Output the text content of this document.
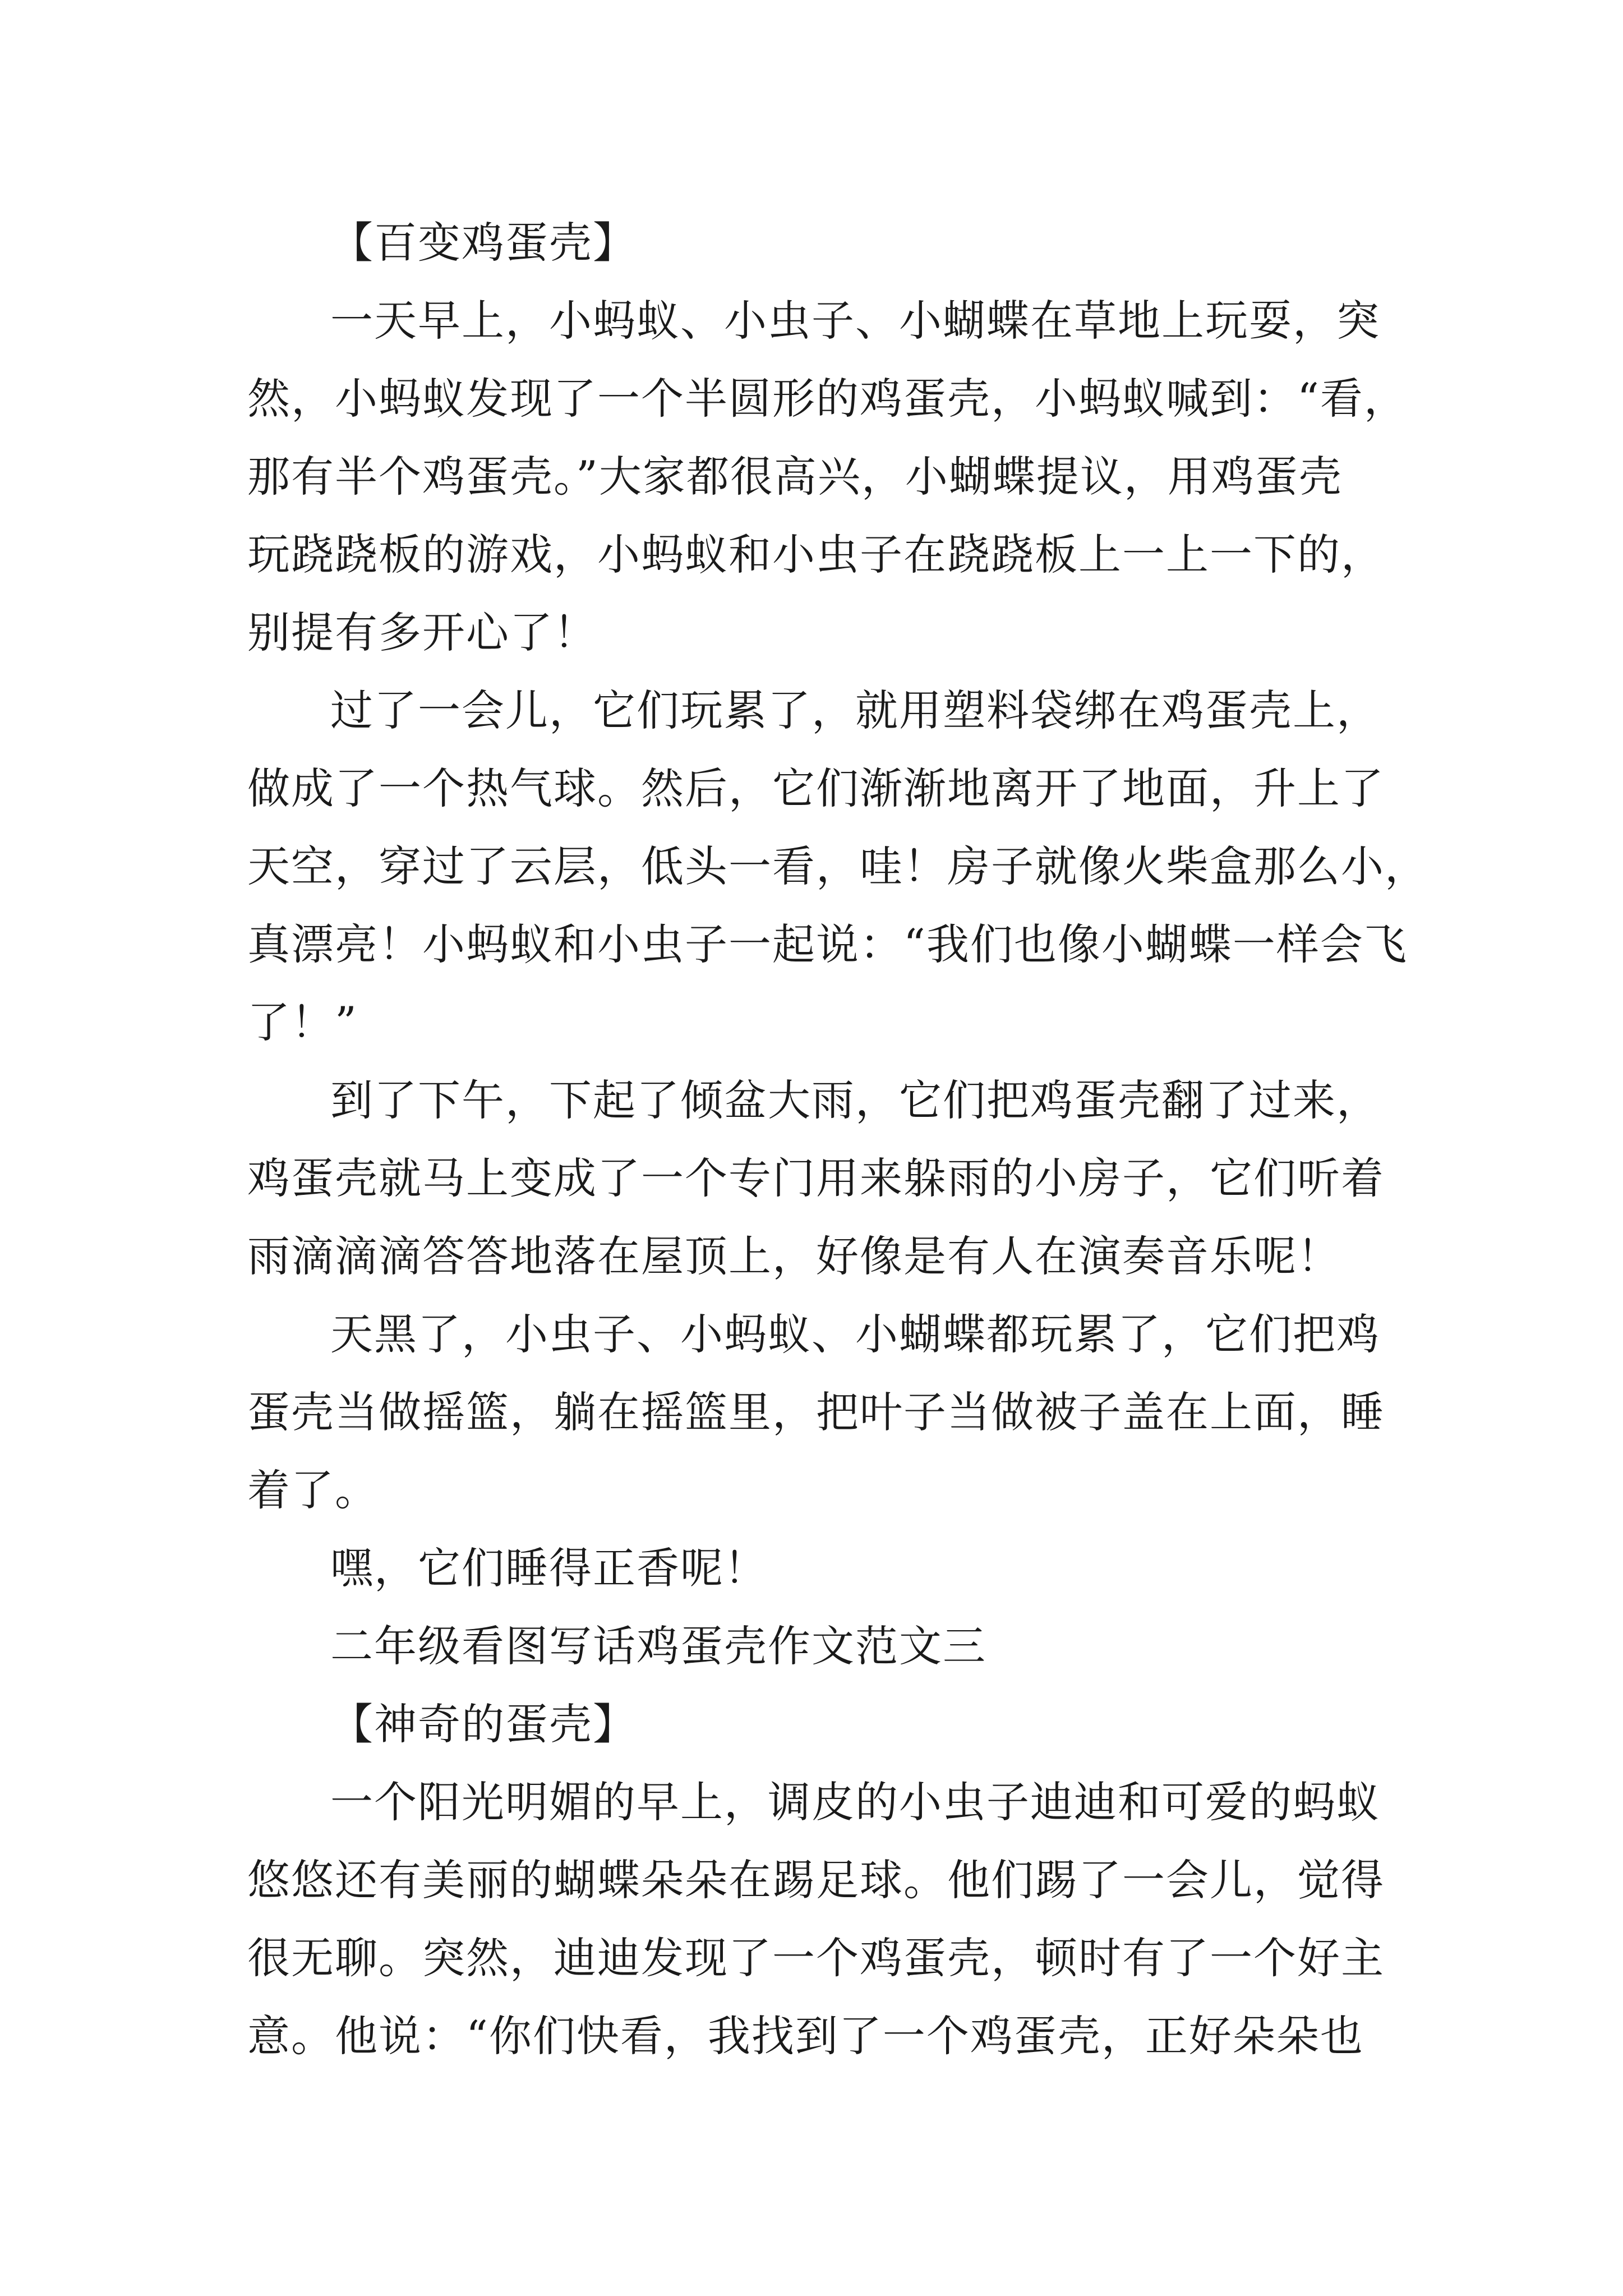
【百变鸡蛋壳】

一天早上，小蚂蚁、小虫子、小蝴蝶在草地上玩耍，突
然，小蚂蚁发现了一个半圆形的鸡蛋壳，小蚂蚁喊到：“看，
那有半个鸡蛋壳。”大家都很高兴，小蝴蝶提议，用鸡蛋壳
玩跷跷板的游戏，小蚂蚁和小虫子在跷跷板上一上一下的，
别提有多开心了！

过了一会儿，它们玩累了，就用塑料袋绑在鸡蛋壳上，
做成了一个热气球。然后，它们渐渐地离开了地面，升上了
天空，穿过了云层，低头一看，哇！房子就像火柴盒那么小，
真漂亮！小蚂蚁和小虫子一起说：“我们也像小蝴蝶一样会飞
了！”

到了下午，下起了倾盆大雨，它们把鸡蛋壳翻了过来，
鸡蛋壳就马上变成了一个专门用来躲雨的小房子，它们听着
雨滴滴滴答答地落在屋顶上，好像是有人在演奏音乐呢！

天黑了，小虫子、小蚂蚁、小蝴蝶都玩累了，它们把鸡
蛋壳当做摇篮，躺在摇篮里，把叶子当做被子盖在上面，睡
着了。

嘿，它们睡得正香呢！

二年级看图写话鸡蛋壳作文范文三

【神奇的蛋壳】

一个阳光明媚的早上，调皮的小虫子迪迪和可爱的蚂蚁
悠悠还有美丽的蝴蝶朵朵在踢足球。他们踢了一会儿，觉得
很无聊。突然，迪迪发现了一个鸡蛋壳，顿时有了一个好主
意。他说：“你们快看，我找到了一个鸡蛋壳，正好朵朵也
